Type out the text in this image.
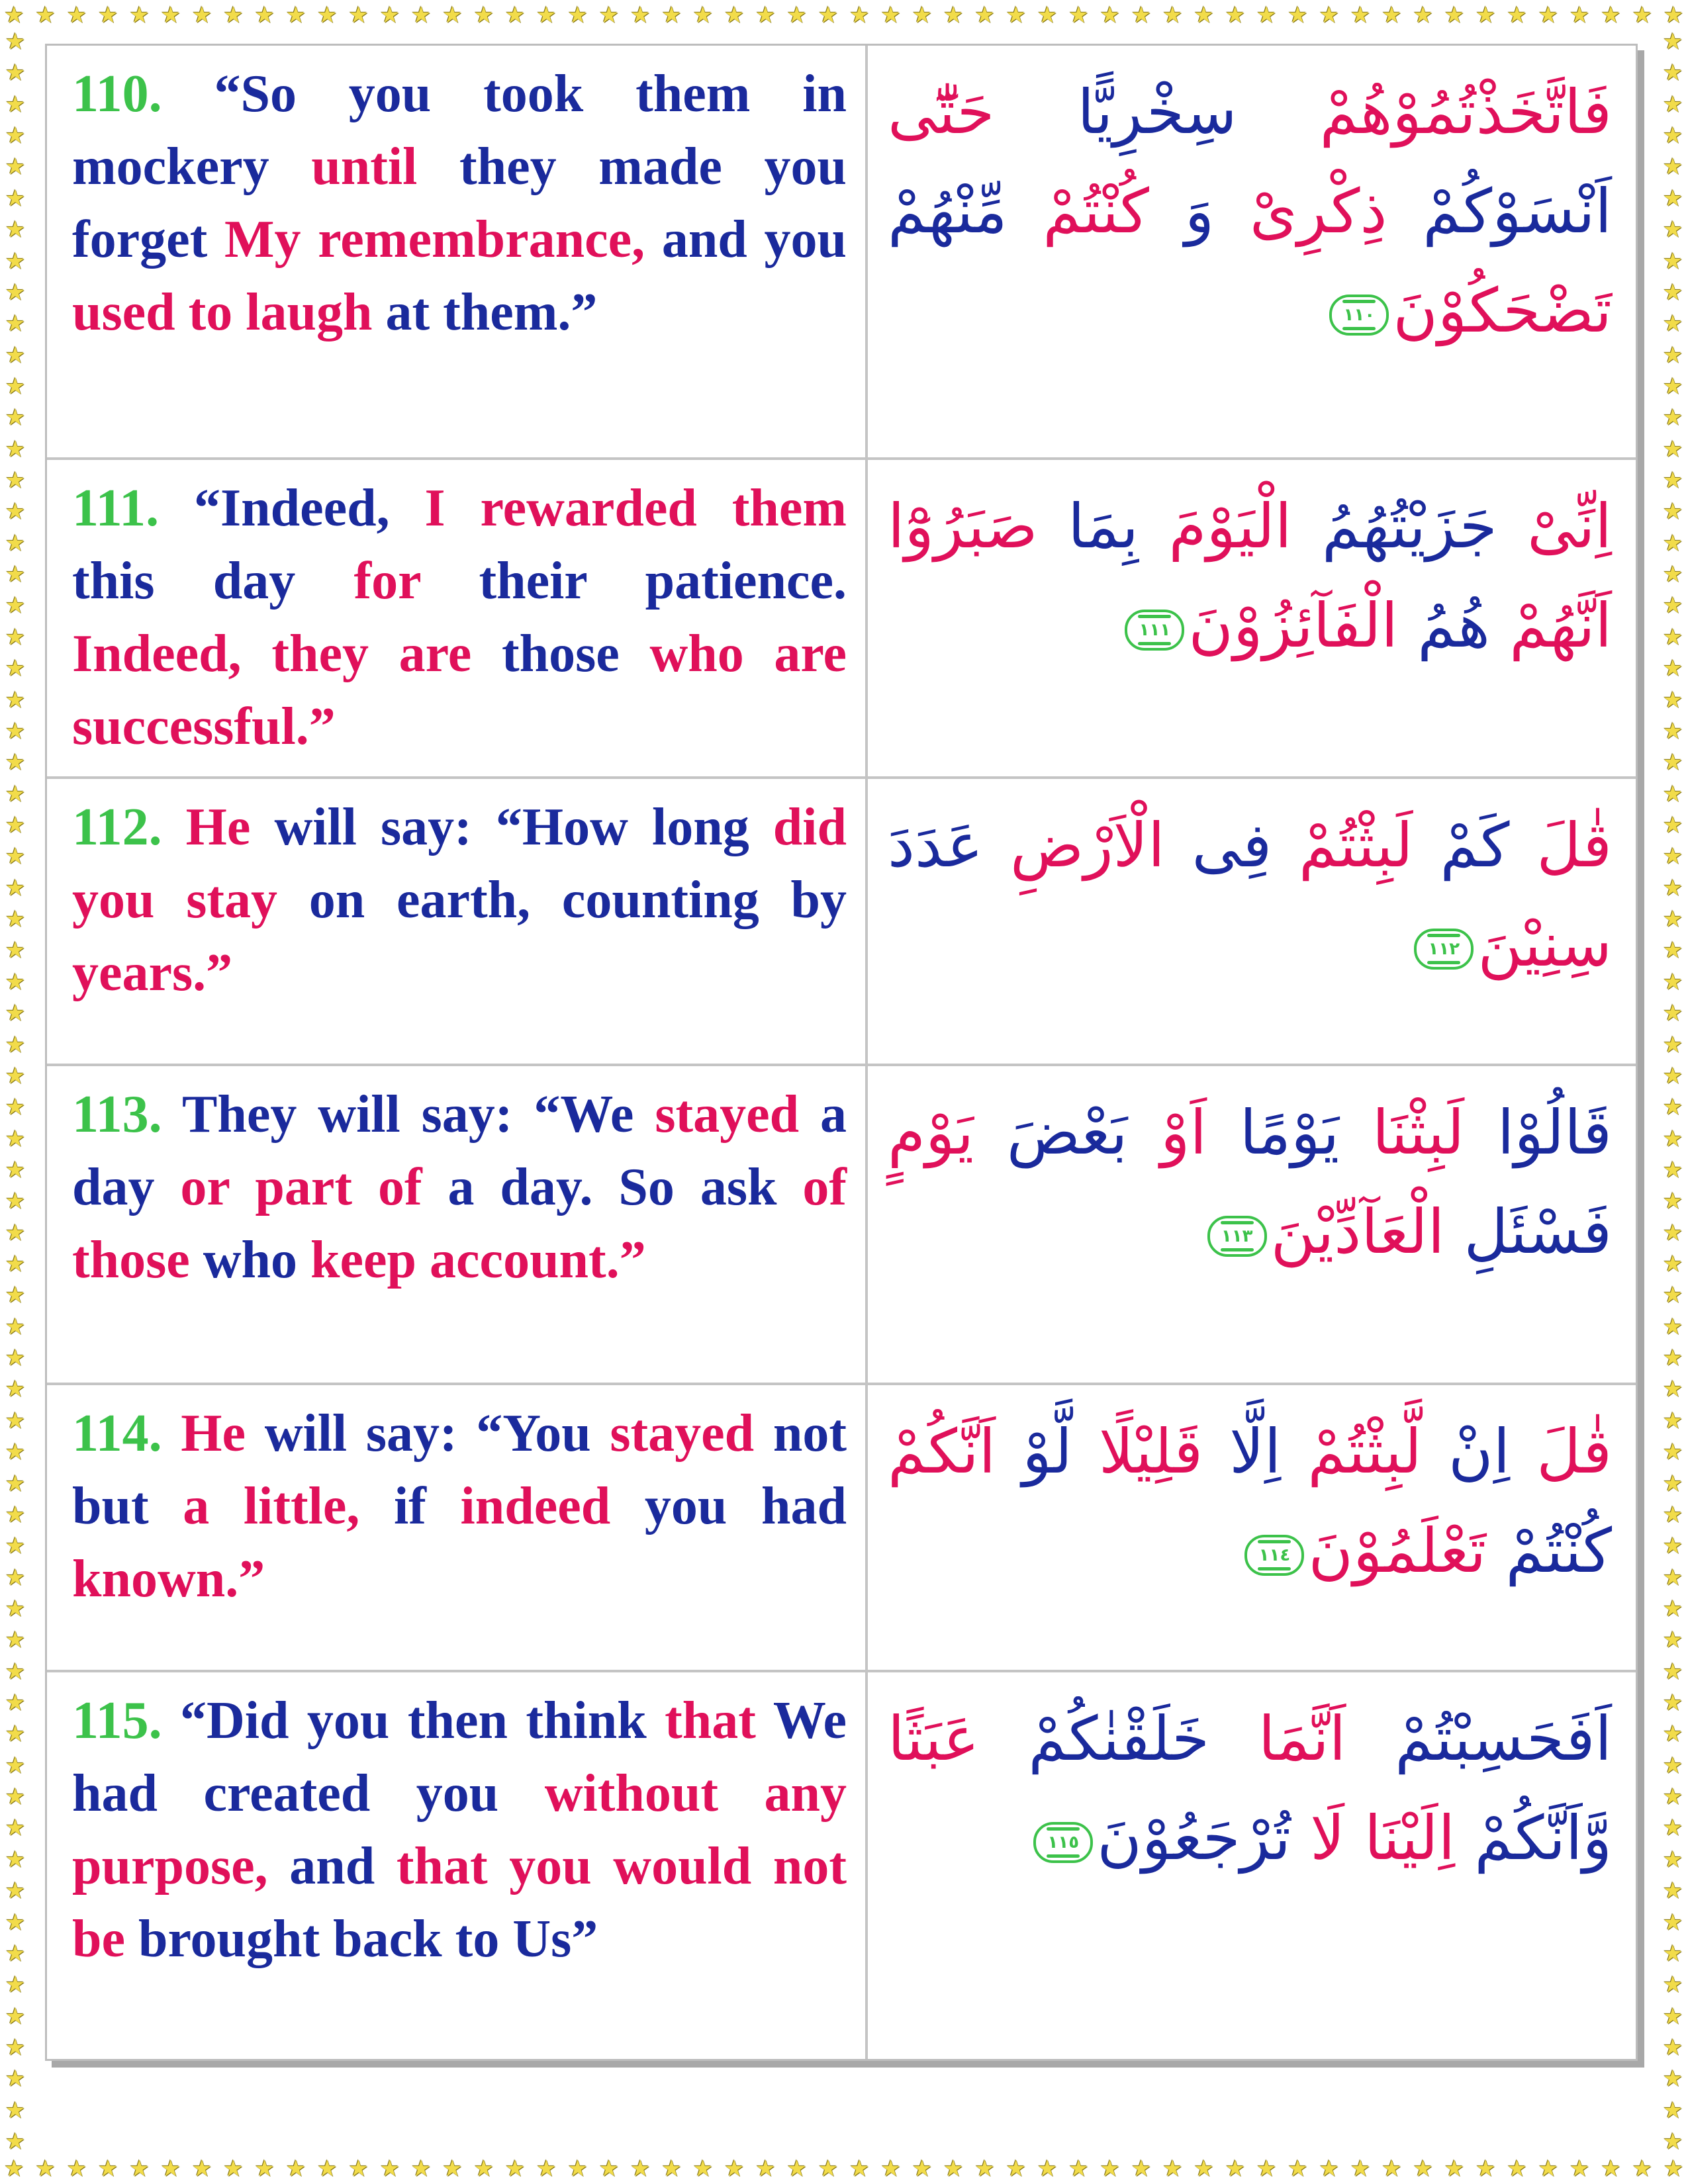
★ ★ ★ ★ ★ ★ ★ ★ ★ ★ ★ ★ ★ ★ ★ ★ ★ ★ ★ ★ ★ ★ ★ ★ ★ ★ ★ ★ ★ ★ ★ ★ ★ ★ ★ ★ ★ ★ ★ ★ ★ ★ ★ ★ ★ ★ ★ ★ ★ ★ ★ ★ ★ ★
★ ★ ★ ★ ★ ★ ★ ★ ★ ★ ★ ★ ★ ★ ★ ★ ★ ★ ★ ★ ★ ★ ★ ★ ★ ★ ★ ★ ★ ★ ★ ★ ★ ★ ★ ★ ★ ★ ★ ★ ★ ★ ★ ★ ★ ★ ★ ★ ★ ★ ★ ★ ★ ★
★
★
★
★
★
★
★
★
★
★
★
★
★
★
★
★
★
★
★
★
★
★
★
★
★
★
★
★
★
★
★
★
★
★
★
★
★
★
★
★
★
★
★
★
★
★
★
★
★
★
★
★
★
★
★
★
★
★
★
★
★
★
★
★
★
★
★
★
★
★
★
★
★
★
★
★
★
★
★
★
★
★
★
★
★
★
★
★
★
★
★
★
★
★
★
★
★
★
★
★
★
★
★
★
★
★
★
★
★
★
★
★
★
★
★
★
★
★
★
★
★
★
★
★
★
★
★
★
★
★
★
★
★
★
★
★
110. “So you took them in mockery until they made you forget My remembrance, and you used to laugh at them.”
فَاتَّخَذْتُمُوْهُمْ سِخْرِيًّا حَتّٰٓى اَنْسَوْكُمْ ذِكْرِىْ وَ كُنْتُمْ مِّنْهُمْ تَضْحَكُوْنَ
١١٠
111. “Indeed, I rewarded them this day for their patience. Indeed, they are those who are successful.”
اِنِّىْ جَزَيْتُهُمُ الْيَوْمَ بِمَا صَبَرُوْٓا اَنَّهُمْ هُمُ الْفَآئِزُوْنَ
١١١
112. He will say: “How long did you stay on earth, counting by years.”
قٰلَ كَمْ لَبِثْتُمْ فِى الْاَرْضِ عَدَدَ سِنِيْنَ
١١٢
113. They will say: “We stayed a day or part of a day. So ask of those who keep account.”
قَالُوْا لَبِثْنَا يَوْمًا اَوْ بَعْضَ يَوْمٍ فَسْئَلِ الْعَآدِّيْنَ
١١٣
114. He will say: “You stayed not but a little, if indeed you had known.”
قٰلَ اِنْ لَّبِثْتُمْ اِلَّا قَلِيْلًا لَّوْ اَنَّكُمْ كُنْتُمْ تَعْلَمُوْنَ
١١٤
115. “Did you then think that We had created you without any purpose, and that you would not be brought back to Us”
اَفَحَسِبْتُمْ اَنَّمَا خَلَقْنٰكُمْ عَبَثًا وَّاَنَّكُمْ اِلَيْنَا لَا تُرْجَعُوْنَ
١١٥
